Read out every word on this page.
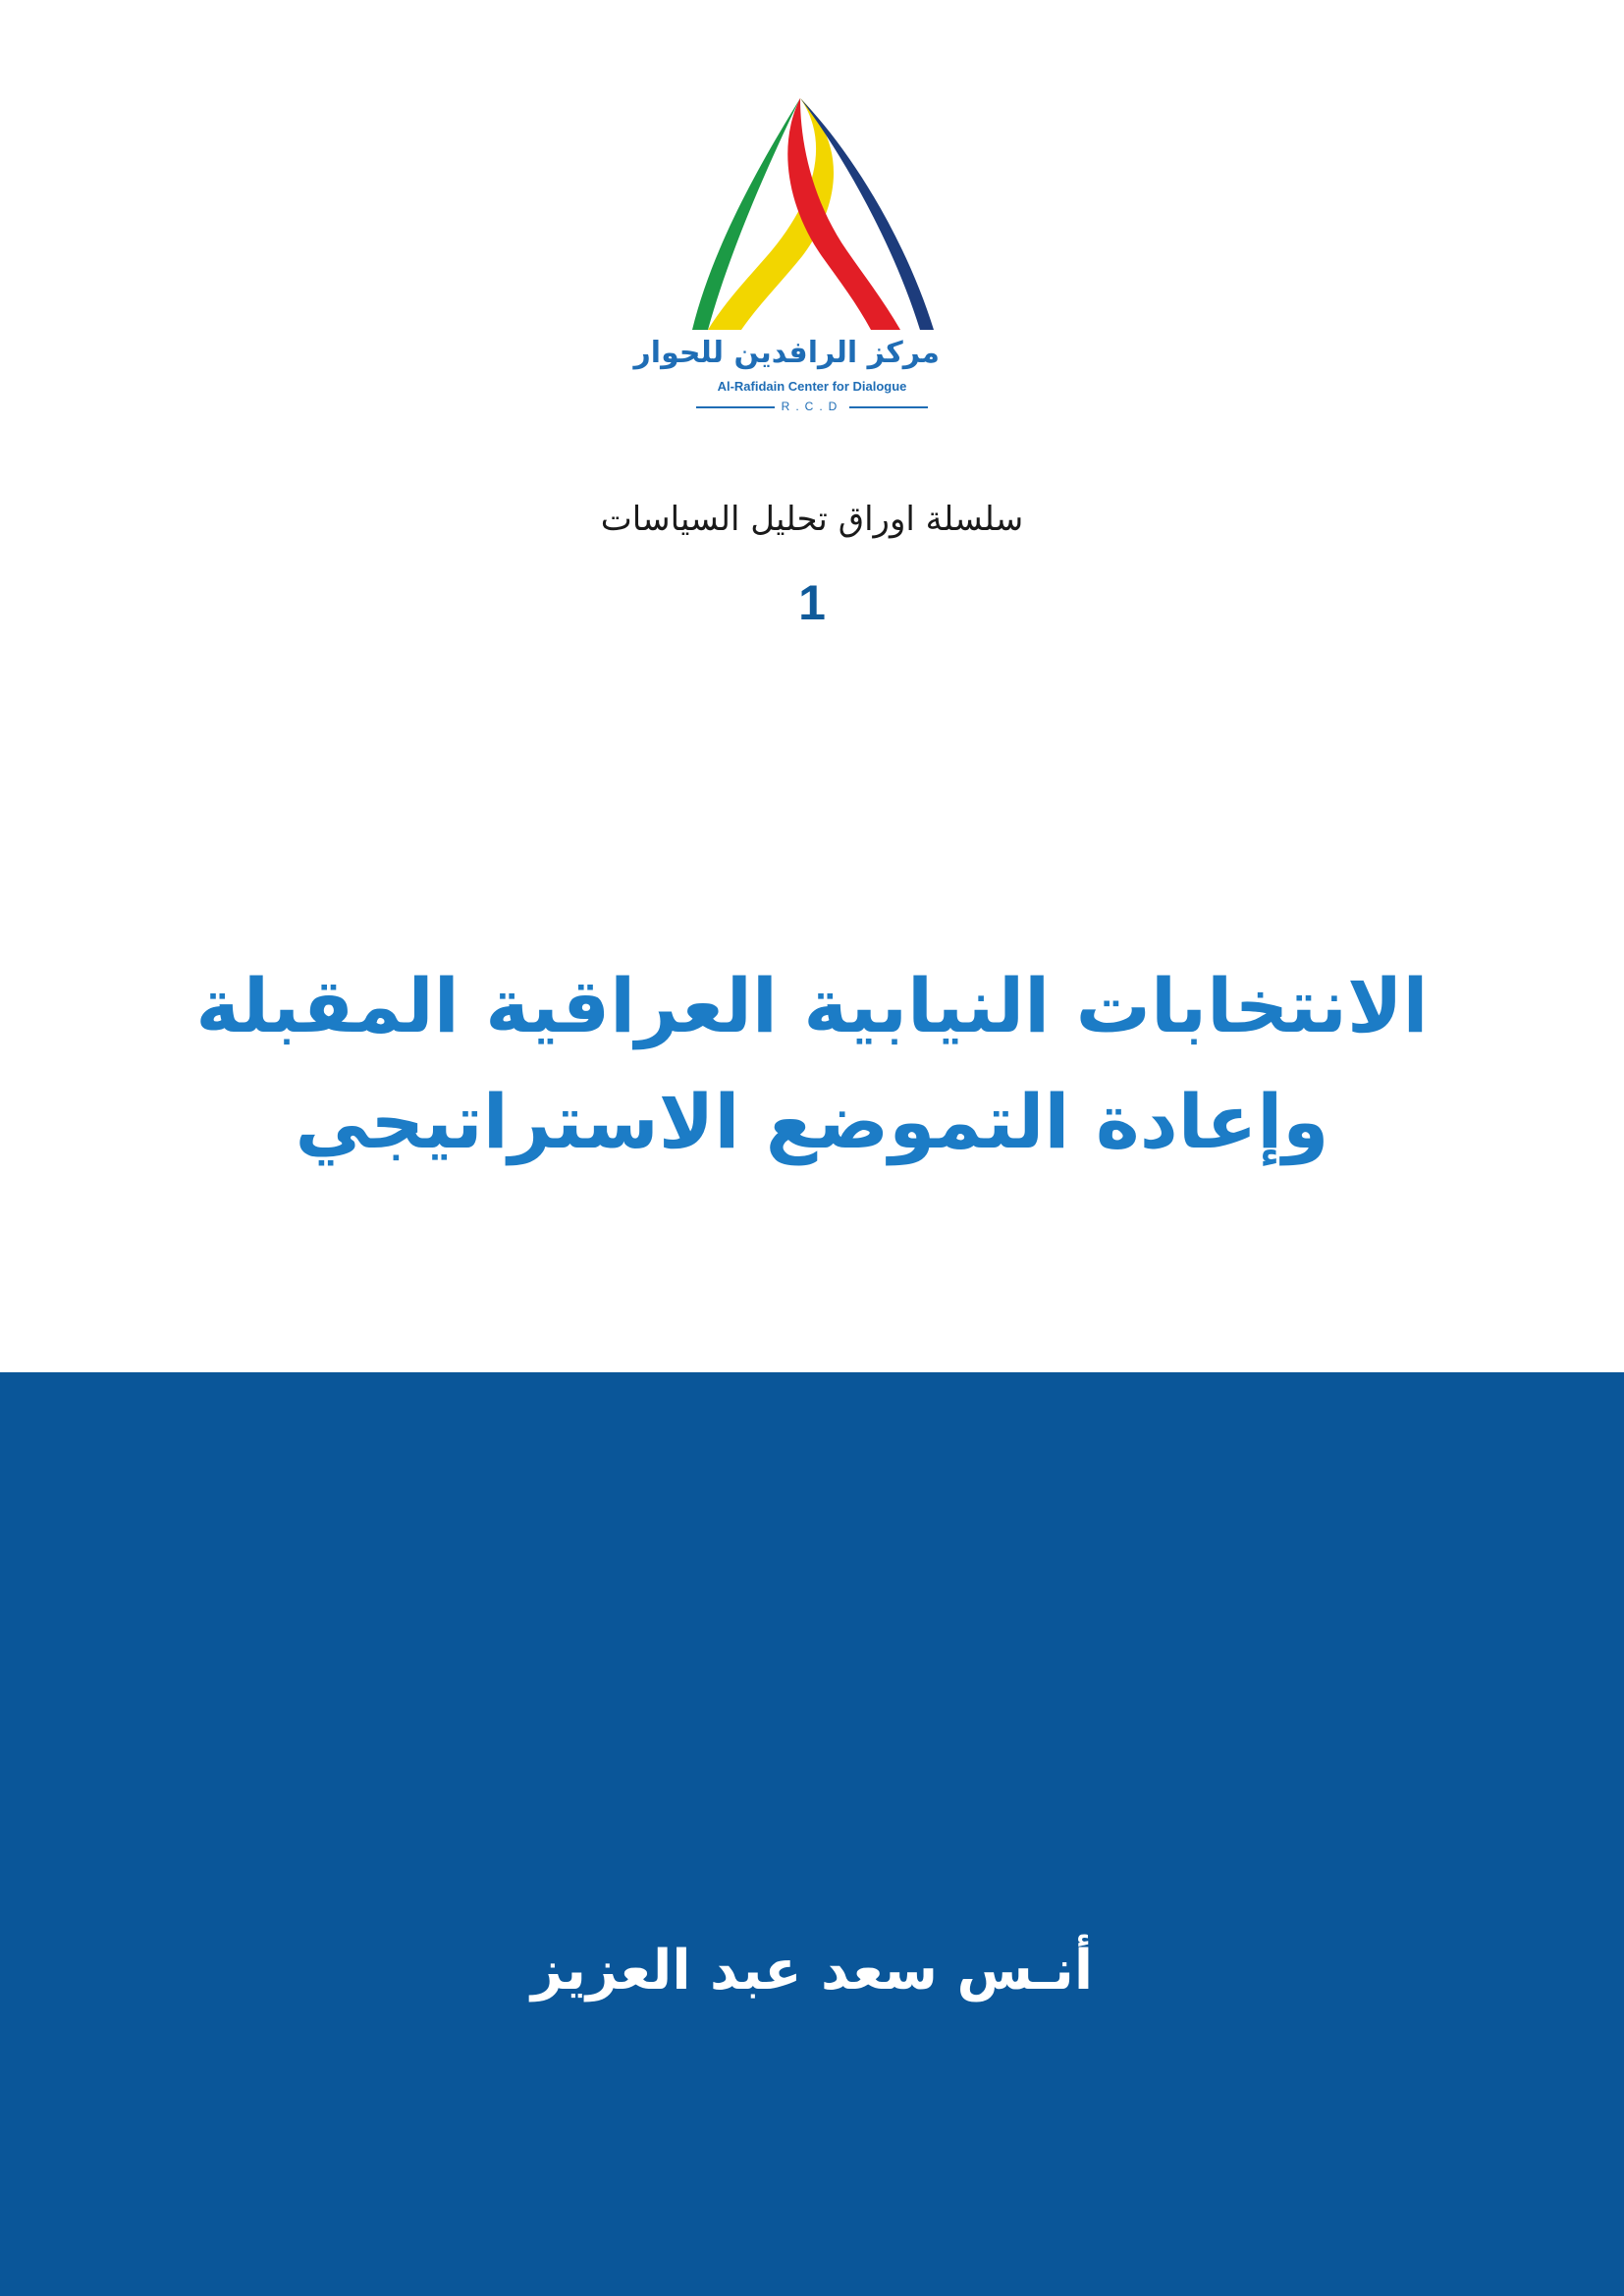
مركز الرافدين للحوار
Al-Rafidain Center for Dialogue
R.C.D
سلسلة اوراق تحليل السياسات
1
الانتخابات النيابية العراقية المقبلة
وإعادة التموضع الاستراتيجي
أنـس سعد عبد العزيز
